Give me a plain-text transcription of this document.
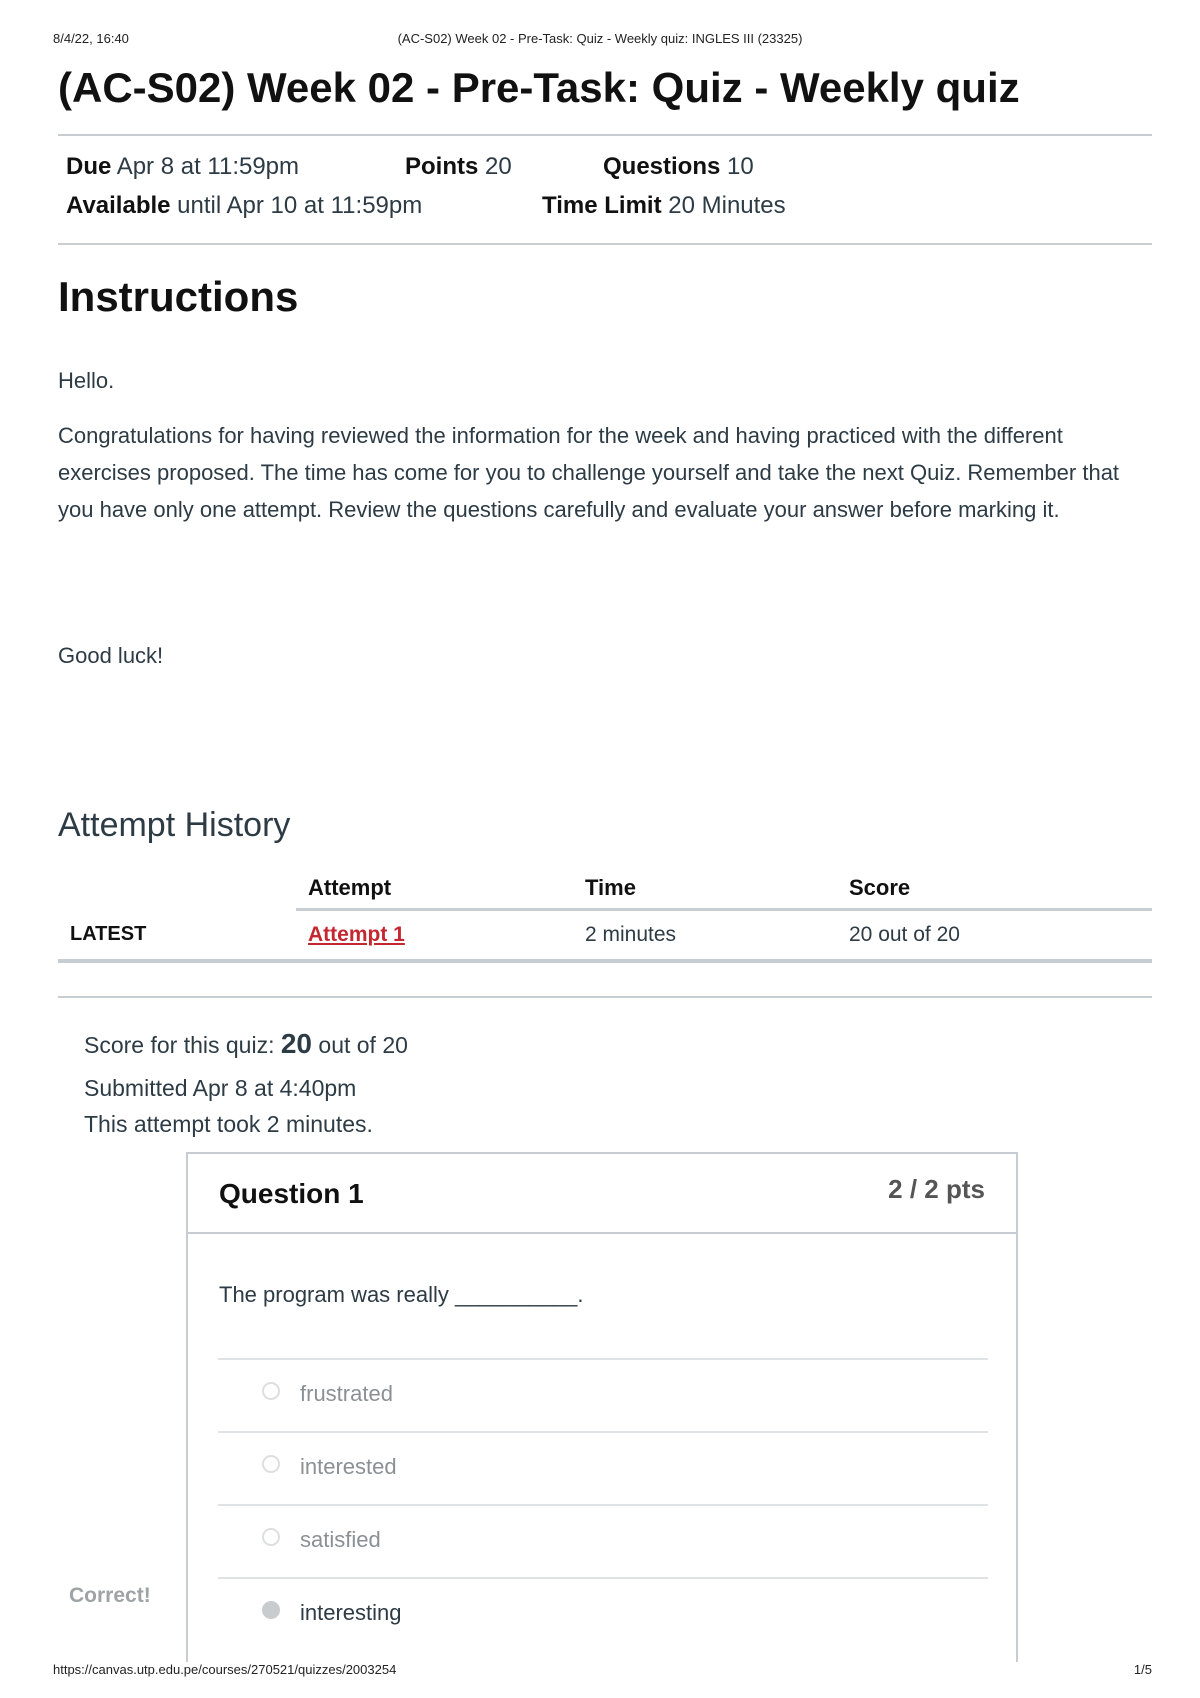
8/4/22, 16:40	(AC-S02) Week 02 - Pre-Task: Quiz - Weekly quiz: INGLES III (23325)
(AC-S02) Week 02 - Pre-Task: Quiz - Weekly quiz
Due Apr 8 at 11:59pm	Points 20	Questions 10
Available until Apr 10 at 11:59pm	Time Limit 20 Minutes
Instructions

Hello.

Congratulations for having reviewed the information for the week and having practiced with the different exercises proposed. The time has come for you to challenge yourself and take the next Quiz. Remember that you have only one attempt. Review the questions carefully and evaluate your answer before marking it.

Good luck!

Attempt History
	Attempt	Time	Score
LATEST	Attempt 1	2 minutes	20 out of 20
Score for this quiz: 20 out of 20
Submitted Apr 8 at 4:40pm
This attempt took 2 minutes.
Question 1	2 / 2 pts
The program was really __________.
frustrated
interested
satisfied
interesting
Correct!
https://canvas.utp.edu.pe/courses/270521/quizzes/2003254	1/5
